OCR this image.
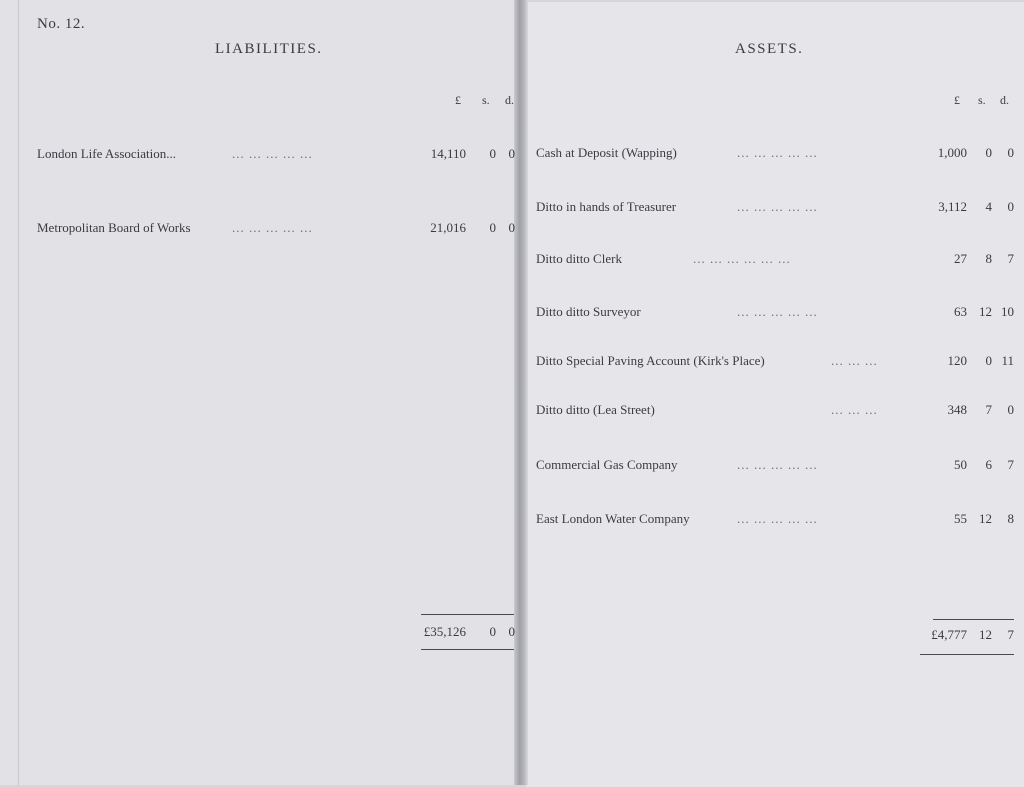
No. 12.
LIABILITIES.	ASSETS.
£ s. d.	£ s. d.
London Life Association...	... ... ... ... ...	14,110	0 0
Metropolitan Board of Works	... ... ... ... ...	21,016	0 0
£35,126	0 0
Cash at Deposit (Wapping)	... ... ... ... ...	1,000	0	0
Ditto in hands of Treasurer	... ... ... ... ...	3,112	4	0
Ditto ditto Clerk	... ... ... ... ... ...	27	8	7
Ditto ditto Surveyor	... ... ... ... ...	63 12 10
Ditto Special Paving Account (Kirk's Place)	... ... ...	120	0 11
Ditto ditto (Lea Street)	... ... ...	348	7	0
Commercial Gas Company	... ... ... ... ...	50	6	7
East London Water Company	... ... ... ... ...	55 12	8
£4,777 12	7
